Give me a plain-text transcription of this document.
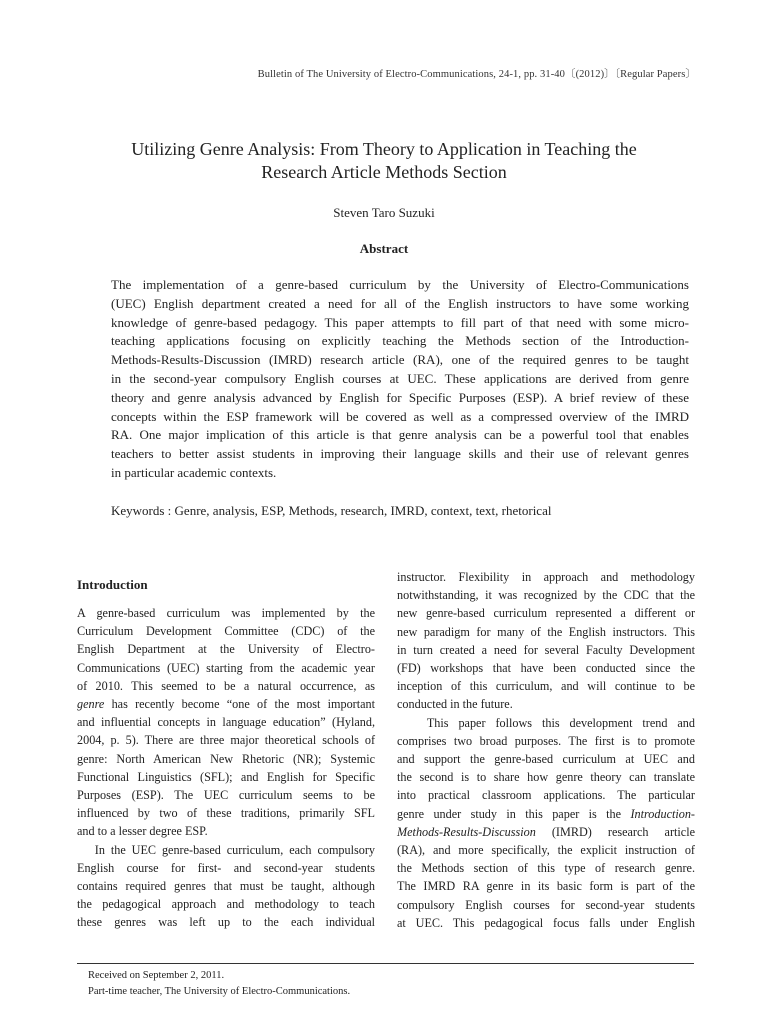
Bulletin of The University of Electro-Communications, 24-1, pp. 31-40〔(2012)〕〔Regular Papers〕
Utilizing Genre Analysis: From Theory to Application in Teaching the
Research Article Methods Section
Steven Taro Suzuki
Abstract
The implementation of a genre-based curriculum by the University of Electro-Communications
(UEC) English department created a need for all of the English instructors to have some working
knowledge of genre-based pedagogy. This paper attempts to fill part of that need with some micro-
teaching applications focusing on explicitly teaching the Methods section of the Introduction-
Methods-Results-Discussion (IMRD) research article (RA), one of the required genres to be taught
in the second-year compulsory English courses at UEC. These applications are derived from genre
theory and genre analysis advanced by English for Specific Purposes (ESP). A brief review of these
concepts within the ESP framework will be covered as well as a compressed overview of the IMRD
RA. One major implication of this article is that genre analysis can be a powerful tool that enables
teachers to better assist students in improving their language skills and their use of relevant genres
in particular academic contexts.
Keywords : Genre, analysis, ESP, Methods, research, IMRD, context, text, rhetorical
Introduction
A genre-based curriculum was implemented by the
Curriculum Development Committee (CDC) of the
English Department at the University of Electro-
Communications (UEC) starting from the academic year
of 2010. This seemed to be a natural occurrence, as
genre has recently become “one of the most important
and influential concepts in language education” (Hyland,
2004, p. 5). There are three major theoretical schools of
genre: North American New Rhetoric (NR); Systemic
Functional Linguistics (SFL); and English for Specific
Purposes (ESP). The UEC curriculum seems to be
influenced by two of these traditions, primarily SFL
and to a lesser degree ESP.
In the UEC genre-based curriculum, each compulsory
English course for first- and second-year students
contains required genres that must be taught, although
the pedagogical approach and methodology to teach
these genres was left up to the each individual
instructor. Flexibility in approach and methodology
notwithstanding, it was recognized by the CDC that the
new genre-based curriculum represented a different or
new paradigm for many of the English instructors. This
in turn created a need for several Faculty Development
(FD) workshops that have been conducted since the
inception of this curriculum, and will continue to be
conducted in the future.
This paper follows this development trend and
comprises two broad purposes. The first is to promote
and support the genre-based curriculum at UEC and
the second is to share how genre theory can translate
into practical classroom applications. The particular
genre under study in this paper is the Introduction-
Methods-Results-Discussion (IMRD) research article
(RA), and more specifically, the explicit instruction of
the Methods section of this type of research genre.
The IMRD RA genre in its basic form is part of the
compulsory English courses for second-year students
at UEC. This pedagogical focus falls under English
Received on September 2, 2011.
Part-time teacher, The University of Electro-Communications.
